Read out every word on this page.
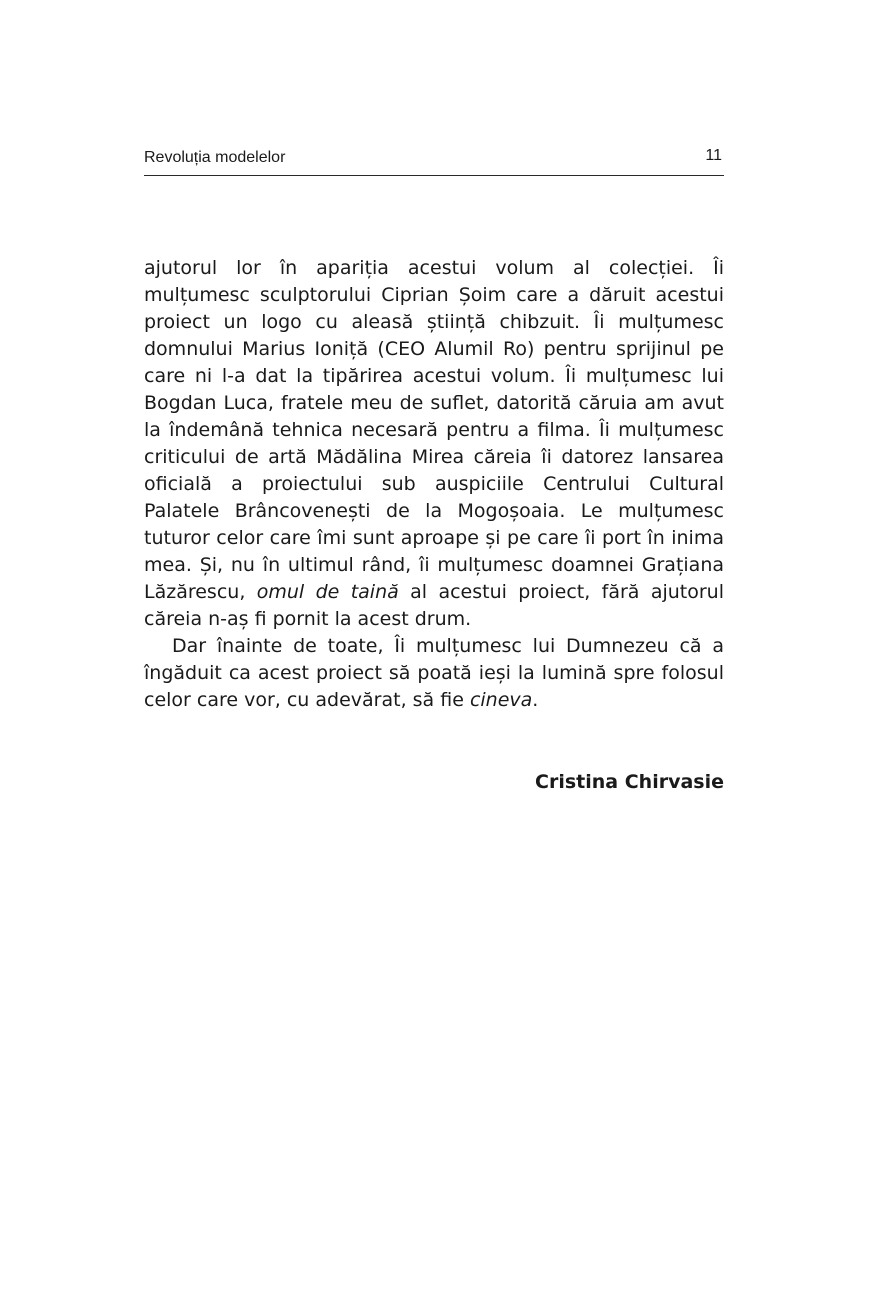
Revoluția modelelor	11

ajutorul lor în apariția acestui volum al colecției. Îi mulțumesc sculptorului Ciprian Șoim care a dăruit acestui proiect un logo cu aleasă știință chibzuit. Îi mulțumesc domnului Marius Ioniță (CEO Alumil Ro) pentru sprijinul pe care ni l-a dat la tipărirea acestui volum. Îi mulțumesc lui Bogdan Luca, fratele meu de suflet, datorită căruia am avut la îndemână tehnica necesară pentru a filma. Îi mulțumesc criticului de artă Mădălina Mirea căreia îi datorez lansarea oficială a proiectului sub auspiciile Centrului Cultural Palatele Brâncovenești de la Mogoșoaia. Le mulțumesc tuturor celor care îmi sunt aproape și pe care îi port în inima mea. Și, nu în ultimul rând, îi mulțumesc doamnei Grațiana Lăzărescu, omul de taină al acestui proiect, fără ajutorul căreia n-aș fi pornit la acest drum.

Dar înainte de toate, Îi mulțumesc lui Dumnezeu că a îngăduit ca acest proiect să poată ieși la lumină spre folosul celor care vor, cu adevărat, să fie cineva.

Cristina Chirvasie
